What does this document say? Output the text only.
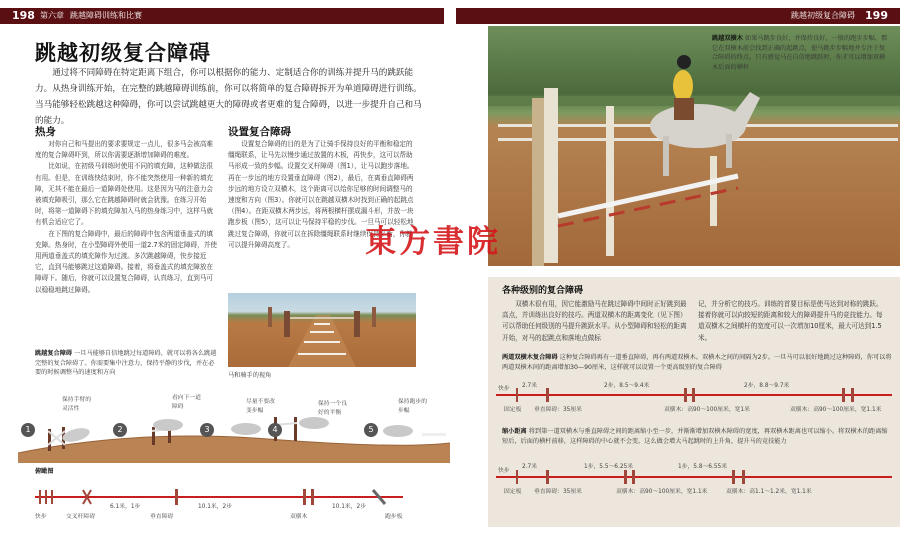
198 第六章 跳越障碍训练和比赛	跳越初级复合障碍 199
跳越初级复合障碍
通过将不同障碍在特定距离下组合，你可以根据你的能力、定制适合你的训练并提升马的跳跃能力。从热身训练开始，在完整的跳越障碍训练前，你可以将简单的复合障碍拆开为单道障碍进行训练。当马能够轻松跳越这种障碍，你可以尝试跳越更大的障碍或者更难的复合障碍，以进一步提升自己和马的能力。
热身
对你自己和马提出的要求要规定一点儿，很多马会被高难度的复合障碍吓到，所以你需要逐渐增加障碍的难度。
比如说，在初级马训练时使用不同的填充障，这种做法很有用。但是，在训练快结束时，你不能突然使用一种新的填充障，无其不能在最后一道障碍处使用。这是因为马的注意力会被填充障吸引，那么它在跳越障碍时就会犹豫。在练习开始时，将第一道障碍下的填充障加入马的热身练习中，这样马就有机会适应它了。
在下图的复合障碍中，最后的障碍中包含两道垂盖式的填充障。热身时，在小型障碍外使用一道2.7米的固定障碍，并使用两道垂盖式的填充障作为过渡。多次跳越障碍，快步接近它，直到马能够跳过这道障碍。接着，将垂盖式的填充障放在障碍下。随后，你就可以设置复合障碍，认真练习，直到马可以稳稳地跳过障碍。
设置复合障碍
设置复合障碍的目的是为了让骑手保持良好的平衡和稳定的缰绳联系，让马先以慢步通过放置的木板，再快步，这可以帮助马形成一致的步幅。设置交叉杆障碍（图1），让马以跑步落地。再在一步远的地方设置垂直障碍（图2），最后，在离垂直障碍两步远的地方设立双横木，这个距离可以给你足够的时间调整马的速度和方向（图3）。你就可以在跳越双横木时找到正确的起跳点（图4）。在距双横木两步远，将两根横杆摆成漏斗形，并放一块跑步板（图5），这可以让马保持平稳的步伐。一旦马可以轻松地跳过复合障碍，你就可以在拆除缰绳联系时继续保持平衡，你就可以提升障碍高度了。
马和骑手的视角
跳越复合障碍 一旦马能够自信地跳过每道障碍，就可以将各么跳越完整的复合障碍了。你需要集中注意力，保持平静的步伐，并在必要的时候调整马的速度和方向
1	2	3	4	5
保持手臂的灵活性
看向下一道障碍
尽量不要改变步幅
保持一个良好的平衡
保持跑步的步幅
俯瞰图
快步	交叉杆障碍	垂直障碍	双横木	跑步板
6.1米，1步	10.1米，2步	10.1米，2步
跳越双横木 如果马跳步良好，并保持良好，一般的跑步步幅，那它在双横木前会找到正确的起跳点，使马跳步步幅地并专注于复合障碍的终点。只有感觉马在自信地跳跃时，你才可以增加双横木后面的横杆
各种级别的复合障碍
双横木很有用，因它能激励马在跳过障碍中间时正好跳到最高点，并训练出良好的技巧。两道双横木的距离变化（见下图）可以帮助任何级别的马提升跳跃水平。从小型障碍和轻松的距离开始，对马的起跳点和落地点做标
记，并分析它的技巧。训练的首要目标是使马达到对称的跳跃。接着你就可以向较短的距离和较大的障碍提升马的竞技能力。每道双横木之间横杆的宽度可以一次增加10厘米，最大可达到1.5米。
两道双横木复合障碍 这种复合障碍再有一道垂直障碍，再有两道双横木。双横木之间的间隔为2步。一旦马可以很好地跳过这种障碍，你可以将两道双横木间的距离增加30—90厘米，这样就可以设置一个更高级别的复合障碍
快步 2.7米	2步，8.5～9.4米	2步，8.8～9.7米
固定板 垂直障碍：35厘米	双横木：高90～100厘米，宽1米	双横木：高90～100厘米，宽1.1米
缩小距离 将到第一道双横木与垂直障碍之间的距离缩小至一步，并渐渐增加双横木障碍的宽度，再双横木距离也可以缩小。将双横木的距离缩短后，后面的横杆前移，这样障碍的中心就不会变。这么做会增大马起跳时的上升角，提升马的竞技能力
快步
2.7米	1步，5.5～6.25米	1步，5.8～6.55米
固定板 垂直障碍：35厘米	双横木：高90～100厘米，宽1.1米	双横木：高1.1～1.2米，宽1.1米
東方書院
